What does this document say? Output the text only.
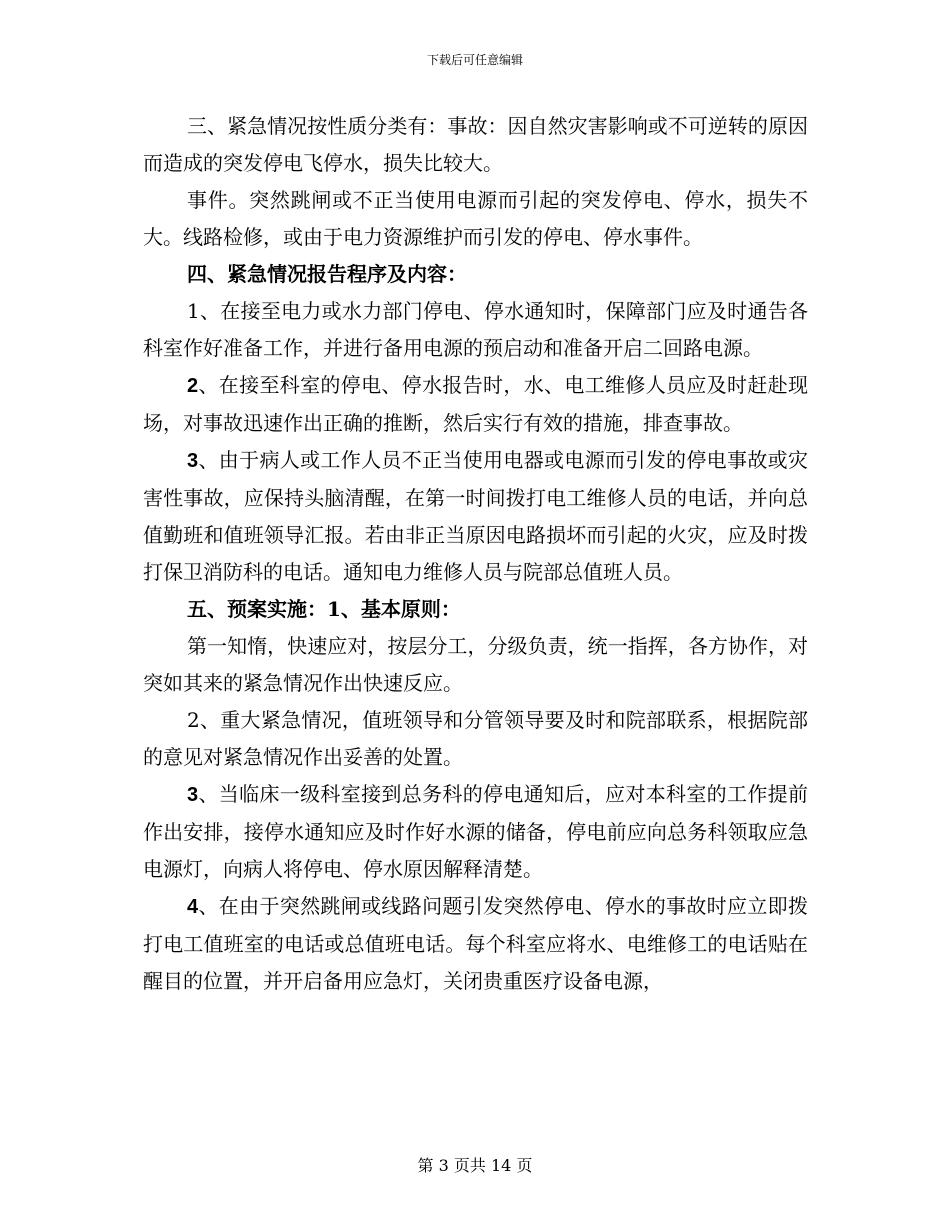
下载后可任意编辑

三、紧急情况按性质分类有：事故：因自然灾害影响或不可逆转的原因而造成的突发停电飞停水，损失比较大。

事件。突然跳闸或不正当使用电源而引起的突发停电、停水，损失不大。线路检修，或由于电力资源维护而引发的停电、停水事件。

四、紧急情况报告程序及内容：

1、在接至电力或水力部门停电、停水通知时，保障部门应及时通告各科室作好准备工作，并进行备用电源的预启动和准备开启二回路电源。

2、在接至科室的停电、停水报告时，水、电工维修人员应及时赶赴现场，对事故迅速作出正确的推断，然后实行有效的措施，排查事故。

3、由于病人或工作人员不正当使用电器或电源而引发的停电事故或灾害性事故，应保持头脑清醒，在第一时间拨打电工维修人员的电话，并向总值勤班和值班领导汇报。若由非正当原因电路损坏而引起的火灾，应及时拨打保卫消防科的电话。通知电力维修人员与院部总值班人员。

五、预案实施：1、基本原则：

第一知惰，快速应对，按层分工，分级负责，统一指挥，各方协作，对突如其来的紧急情况作出快速反应。

2、重大紧急情况，值班领导和分管领导要及时和院部联系，根据院部的意见对紧急情况作出妥善的处置。

3、当临床一级科室接到总务科的停电通知后，应对本科室的工作提前作出安排，接停水通知应及时作好水源的储备，停电前应向总务科领取应急电源灯，向病人将停电、停水原因解释清楚。

4、在由于突然跳闸或线路问题引发突然停电、停水的事故时应立即拨打电工值班室的电话或总值班电话。每个科室应将水、电维修工的电话贴在醒目的位置，并开启备用应急灯，关闭贵重医疗设备电源，

第 3 页共 14 页
